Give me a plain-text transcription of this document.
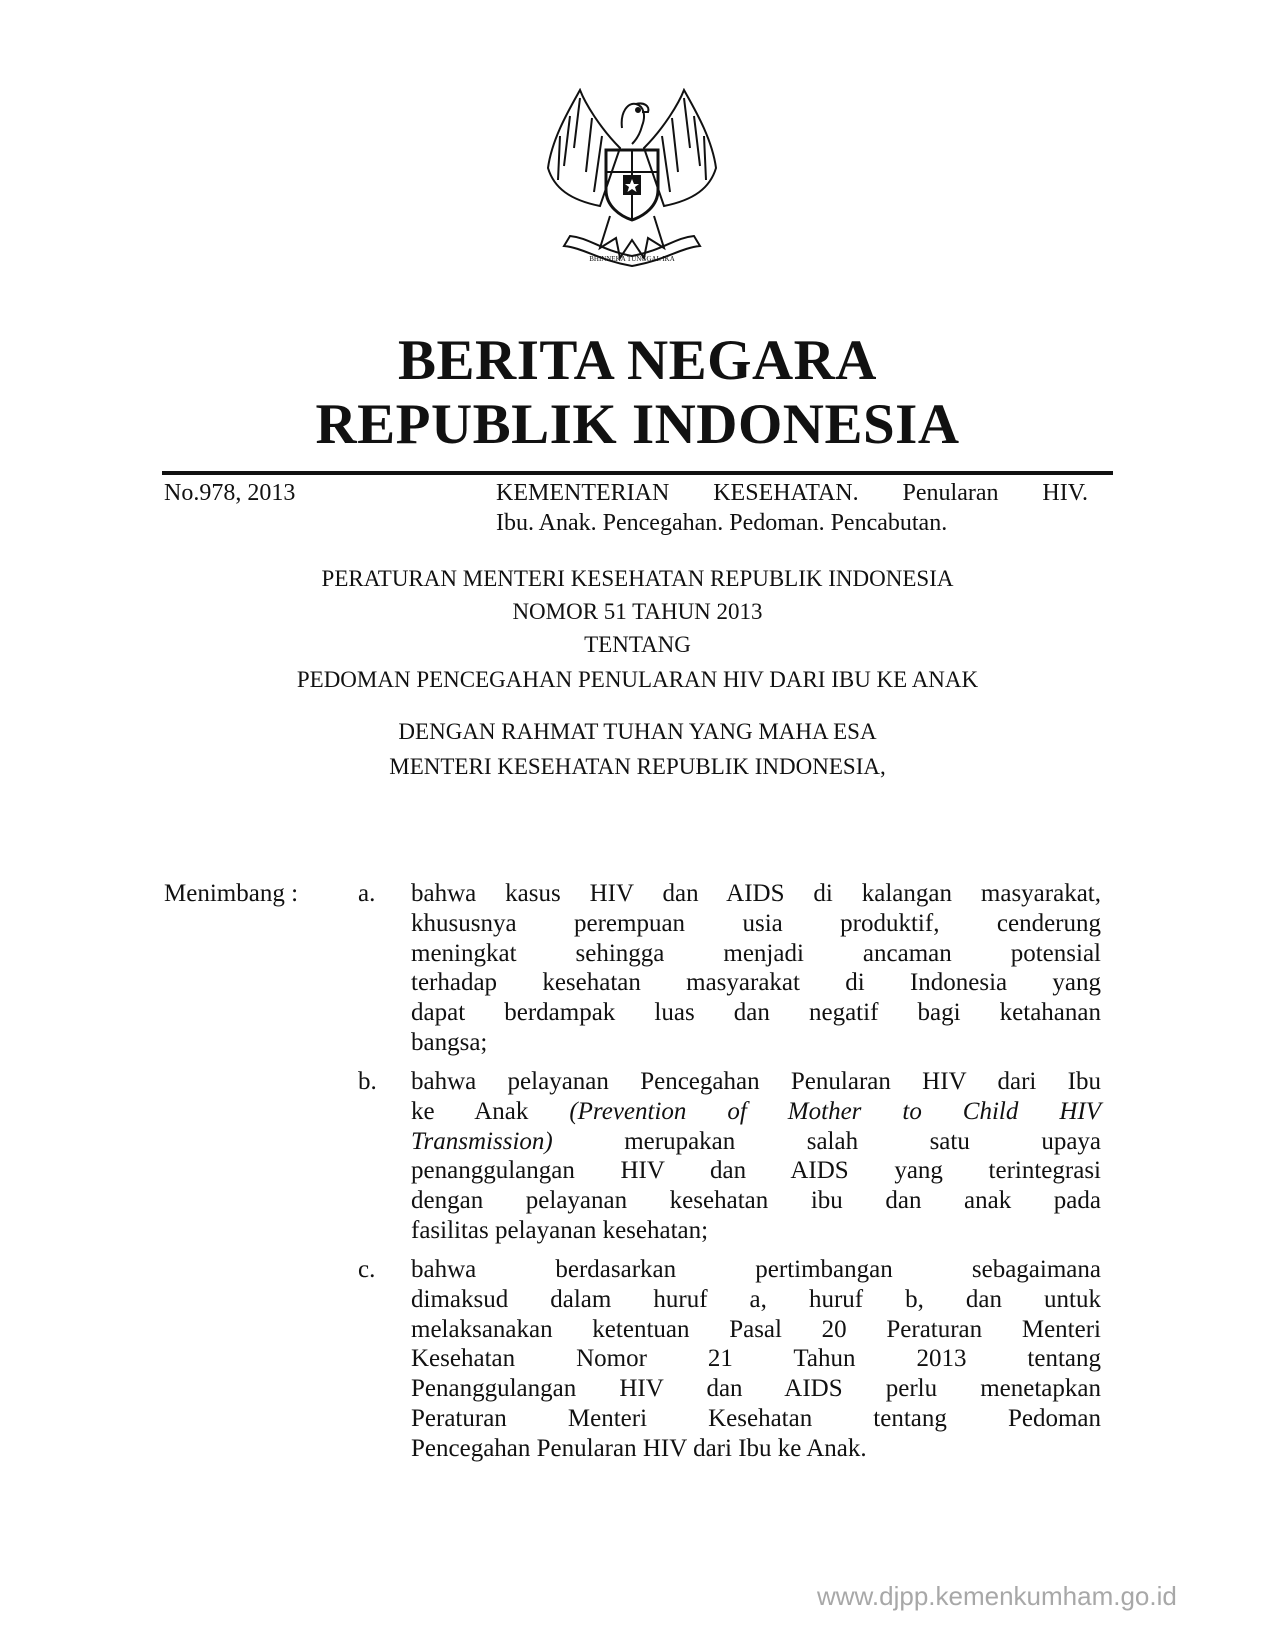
BHINNEKA TUNGGAL IKA
BERITA NEGARA
REPUBLIK INDONESIA
No.978, 2013	KEMENTERIAN KESEHATAN. Penularan HIV.
Ibu. Anak. Pencegahan. Pedoman. Pencabutan.
PERATURAN MENTERI KESEHATAN REPUBLIK INDONESIA
NOMOR 51 TAHUN 2013
TENTANG
PEDOMAN PENCEGAHAN PENULARAN HIV DARI IBU KE ANAK
DENGAN RAHMAT TUHAN YANG MAHA ESA
MENTERI KESEHATAN REPUBLIK INDONESIA,
Menimbang : a. bahwa kasus HIV dan AIDS di kalangan masyarakat,
khususnya perempuan usia produktif, cenderung
meningkat sehingga menjadi ancaman potensial
terhadap kesehatan masyarakat di Indonesia yang
dapat berdampak luas dan negatif bagi ketahanan
bangsa;
b. bahwa pelayanan Pencegahan Penularan HIV dari Ibu
ke Anak (Prevention of Mother to Child HIV
Transmission)	merupakan salah satu upaya
penanggulangan HIV dan AIDS yang terintegrasi
dengan pelayanan kesehatan ibu dan anak pada
fasilitas pelayanan kesehatan;
c. bahwa berdasarkan pertimbangan sebagaimana
dimaksud dalam huruf a, huruf b, dan untuk
melaksanakan ketentuan Pasal 20 Peraturan Menteri
Kesehatan Nomor 21 Tahun 2013 tentang
Penanggulangan HIV dan AIDS perlu menetapkan
Peraturan Menteri Kesehatan tentang Pedoman
Pencegahan Penularan HIV dari Ibu ke Anak.
www.djpp.kemenkumham.go.id
